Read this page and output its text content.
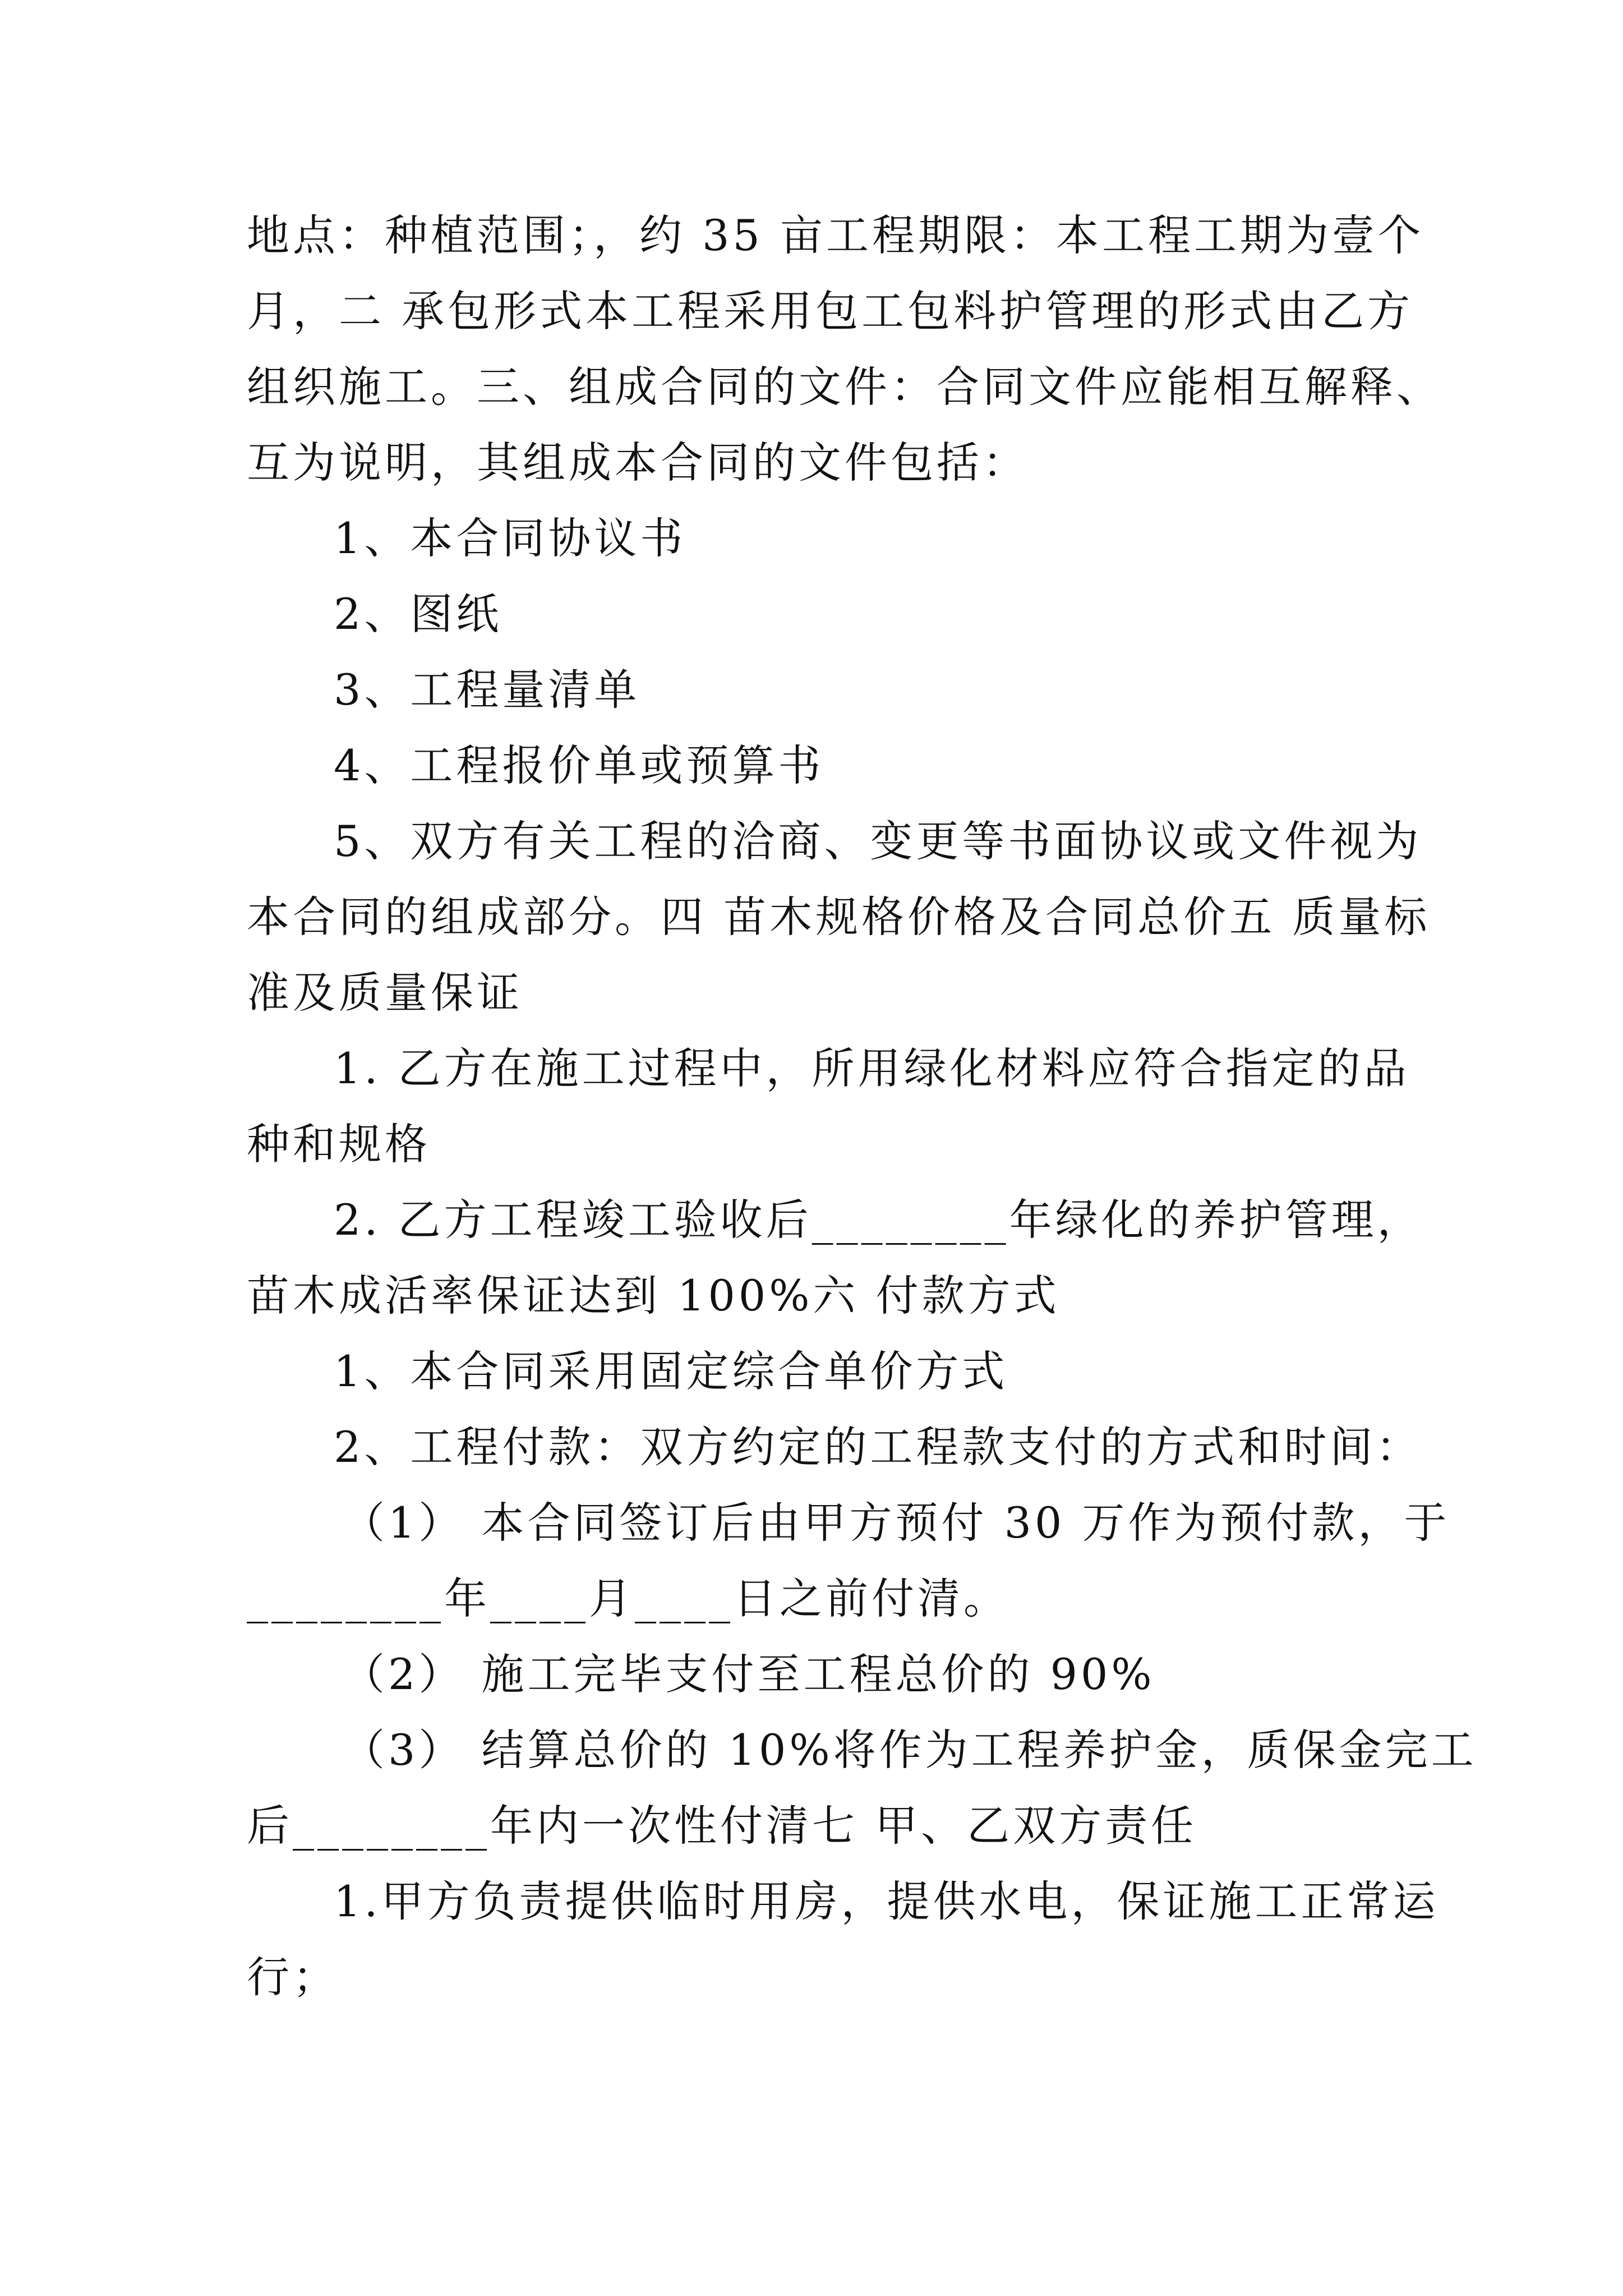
地点：种植范围；，约 35 亩工程期限：本工程工期为壹个
月，二 承包形式本工程采用包工包料护管理的形式由乙方
组织施工。三、组成合同的文件：合同文件应能相互解释、
互为说明，其组成本合同的文件包括：
1、本合同协议书
2、图纸
3、工程量清单
4、工程报价单或预算书
5、双方有关工程的洽商、变更等书面协议或文件视为
本合同的组成部分。四 苗木规格价格及合同总价五 质量标
准及质量保证
1. 乙方在施工过程中，所用绿化材料应符合指定的品
种和规格
2. 乙方工程竣工验收后________年绿化的养护管理，
苗木成活率保证达到 100%六 付款方式
1、本合同采用固定综合单价方式
2、工程付款：双方约定的工程款支付的方式和时间：
（1） 本合同签订后由甲方预付 30 万作为预付款，于
________年____月____日之前付清。
（2） 施工完毕支付至工程总价的 90%
（3） 结算总价的 10%将作为工程养护金，质保金完工
后________年内一次性付清七 甲、乙双方责任
1.甲方负责提供临时用房，提供水电，保证施工正常运
行；
